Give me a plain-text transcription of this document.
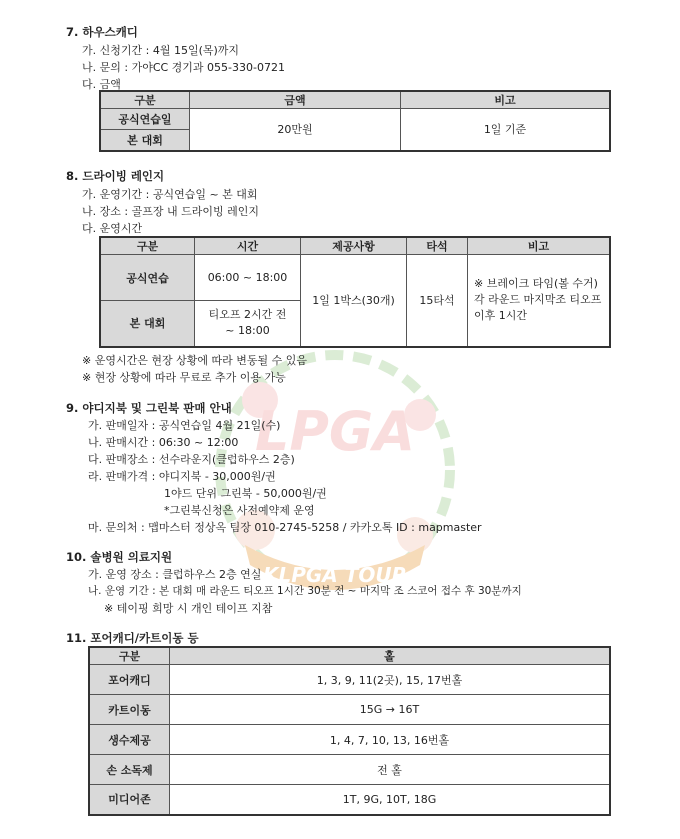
LPGA
KLPGA TOUR
7. 하우스캐디
가. 신청기간 : 4월 15일(목)까지
나. 문의 : 가야CC 경기과 055-330-0721
다. 금액
구분	금액	비고
공식연습일	20만원	1일 기준
본 대회		
8. 드라이빙 레인지
가. 운영기간 : 공식연습일 ~ 본 대회
나. 장소 : 골프장 내 드라이빙 레인지
다. 운영시간
구분	시간	제공사항	타석	비고
공식연습	06:00 ~ 18:00	1일 1박스(30개)	15타석	※ 브레이크 타임(볼 수거)
각 라운드 마지막조 티오프
이후 1시간

본 대회	티오프 2시간 전
~ 18:00			
※ 운영시간은 현장 상황에 따라 변동될 수 있음
※ 현장 상황에 따라 무료로 추가 이용 가능
9. 야디지북 및 그린북 판매 안내
가. 판매일자 : 공식연습일 4월 21일(수)
나. 판매시간 : 06:30 ~ 12:00
다. 판매장소 : 선수라운지(클럽하우스 2층)
라. 판매가격 : 야디지북 - 30,000원/권
1야드 단위 그린북 - 50,000원/권
*그린북신청은 사전예약제 운영
마. 문의처 : 맵마스터 정상옥 팀장 010-2745-5258 / 카카오톡 ID : mapmaster
10. 솔병원 의료지원
가. 운영 장소 : 클럽하우스 2층 연실
나. 운영 기간 : 본 대회 매 라운드 티오프 1시간 30분 전 ~ 마지막 조 스코어 접수 후 30분까지
※ 테이핑 희망 시 개인 테이프 지참
11. 포어캐디/카트이동 등
구분	홀
포어캐디	1, 3, 9, 11(2곳), 15, 17번홀
카트이동	15G → 16T
생수제공	1, 4, 7, 10, 13, 16번홀
손 소독제	전 홀
미디어존	1T, 9G, 10T, 18G
